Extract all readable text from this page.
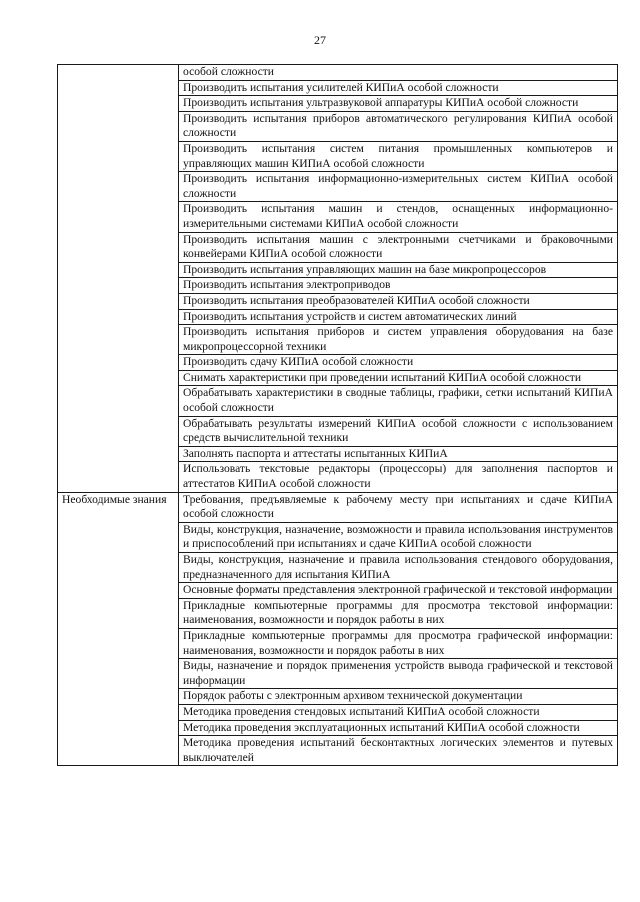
27
	особой сложности
	Производить испытания усилителей КИПиА особой сложности
	Производить испытания ультразвуковой аппаратуры КИПиА особой сложности
	Производить испытания приборов автоматического регулирования КИПиА особой сложности
	Производить испытания систем питания промышленных компьютеров и управляющих машин КИПиА особой сложности
	Производить испытания информационно-измерительных систем КИПиА особой сложности
	Производить испытания машин и стендов, оснащенных информационно-измерительными системами КИПиА особой сложности
	Производить испытания машин с электронными счетчиками и браковочными конвейерами КИПиА особой сложности
	Производить испытания управляющих машин на базе микропроцессоров
	Производить испытания электроприводов
	Производить испытания преобразователей КИПиА особой сложности
	Производить испытания устройств и систем автоматических линий
	Производить испытания приборов и систем управления оборудования на базе микропроцессорной техники
	Производить сдачу КИПиА особой сложности
	Снимать характеристики при проведении испытаний КИПиА особой сложности
	Обрабатывать характеристики в сводные таблицы, графики, сетки испытаний КИПиА особой сложности
	Обрабатывать результаты измерений КИПиА особой сложности с использованием средств вычислительной техники
	Заполнять паспорта и аттестаты испытанных КИПиА
	Использовать текстовые редакторы (процессоры) для заполнения паспортов и аттестатов КИПиА особой сложности
Необходимые знания	Требования, предъявляемые к рабочему месту при испытаниях и сдаче КИПиА особой сложности
	Виды, конструкция, назначение, возможности и правила использования инструментов и приспособлений при испытаниях и сдаче КИПиА особой сложности
	Виды, конструкция, назначение и правила использования стендового оборудования, предназначенного для испытания КИПиА
	Основные форматы представления электронной графической и текстовой информации
	Прикладные компьютерные программы для просмотра текстовой информации: наименования, возможности и порядок работы в них
	Прикладные компьютерные программы для просмотра графической информации: наименования, возможности и порядок работы в них
	Виды, назначение и порядок применения устройств вывода графической и текстовой информации
	Порядок работы с электронным архивом технической документации
	Методика проведения стендовых испытаний КИПиА особой сложности
	Методика проведения эксплуатационных испытаний КИПиА особой сложности
	Методика проведения испытаний бесконтактных логических элементов и путевых выключателей
